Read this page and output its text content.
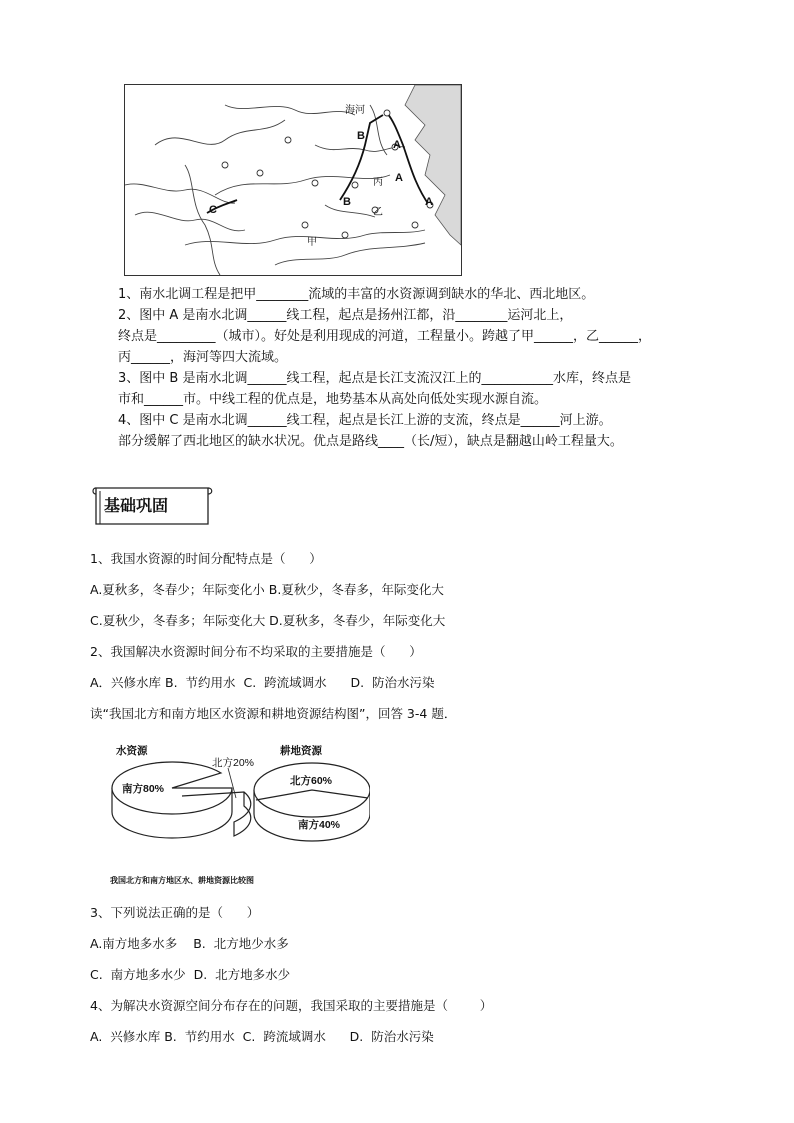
海河
B
A
A
A
B
C
丙
乙
甲
1、南水北调工程是把甲________流域的丰富的水资源调到缺水的华北、西北地区。
2、图中 A 是南水北调______线工程，起点是扬州江都，沿________运河北上，
终点是_________（城市）。好处是利用现成的河道，工程量小。跨越了甲______，乙______，
丙______，海河等四大流域。
3、图中 B 是南水北调______线工程，起点是长江支流汉江上的___________水库，终点是
市和______市。中线工程的优点是，地势基本从高处向低处实现水源自流。
4、图中 C 是南水北调______线工程，起点是长江上游的支流，终点是______河上游。
部分缓解了西北地区的缺水状况。优点是路线____（长/短），缺点是翻越山岭工程量大。
基础巩固
1、我国水资源的时间分配特点是（      ）
A.夏秋多，冬春少；年际变化小 B.夏秋少，冬春多，年际变化大
C.夏秋少，冬春多；年际变化大 D.夏秋多，冬春少，年际变化大
2、我国解决水资源时间分布不均采取的主要措施是（      ）
A．兴修水库 B.  节约用水  C.  跨流域调水      D.  防治水污染
读“我国北方和南方地区水资源和耕地资源结构图”，回答 3-4 题．
水资源	耕地资源
南方80%
北方20%
北方60%
南方40%
我国北方和南方地区水、耕地资源比较图
3、下列说法正确的是（      ）
A.南方地多水多    B.  北方地少水多
C.  南方地多水少  D.  北方地多水少
4、为解决水资源空间分布存在的问题，我国采取的主要措施是（        ）
A.  兴修水库 B.  节约用水  C.  跨流域调水      D.  防治水污染
